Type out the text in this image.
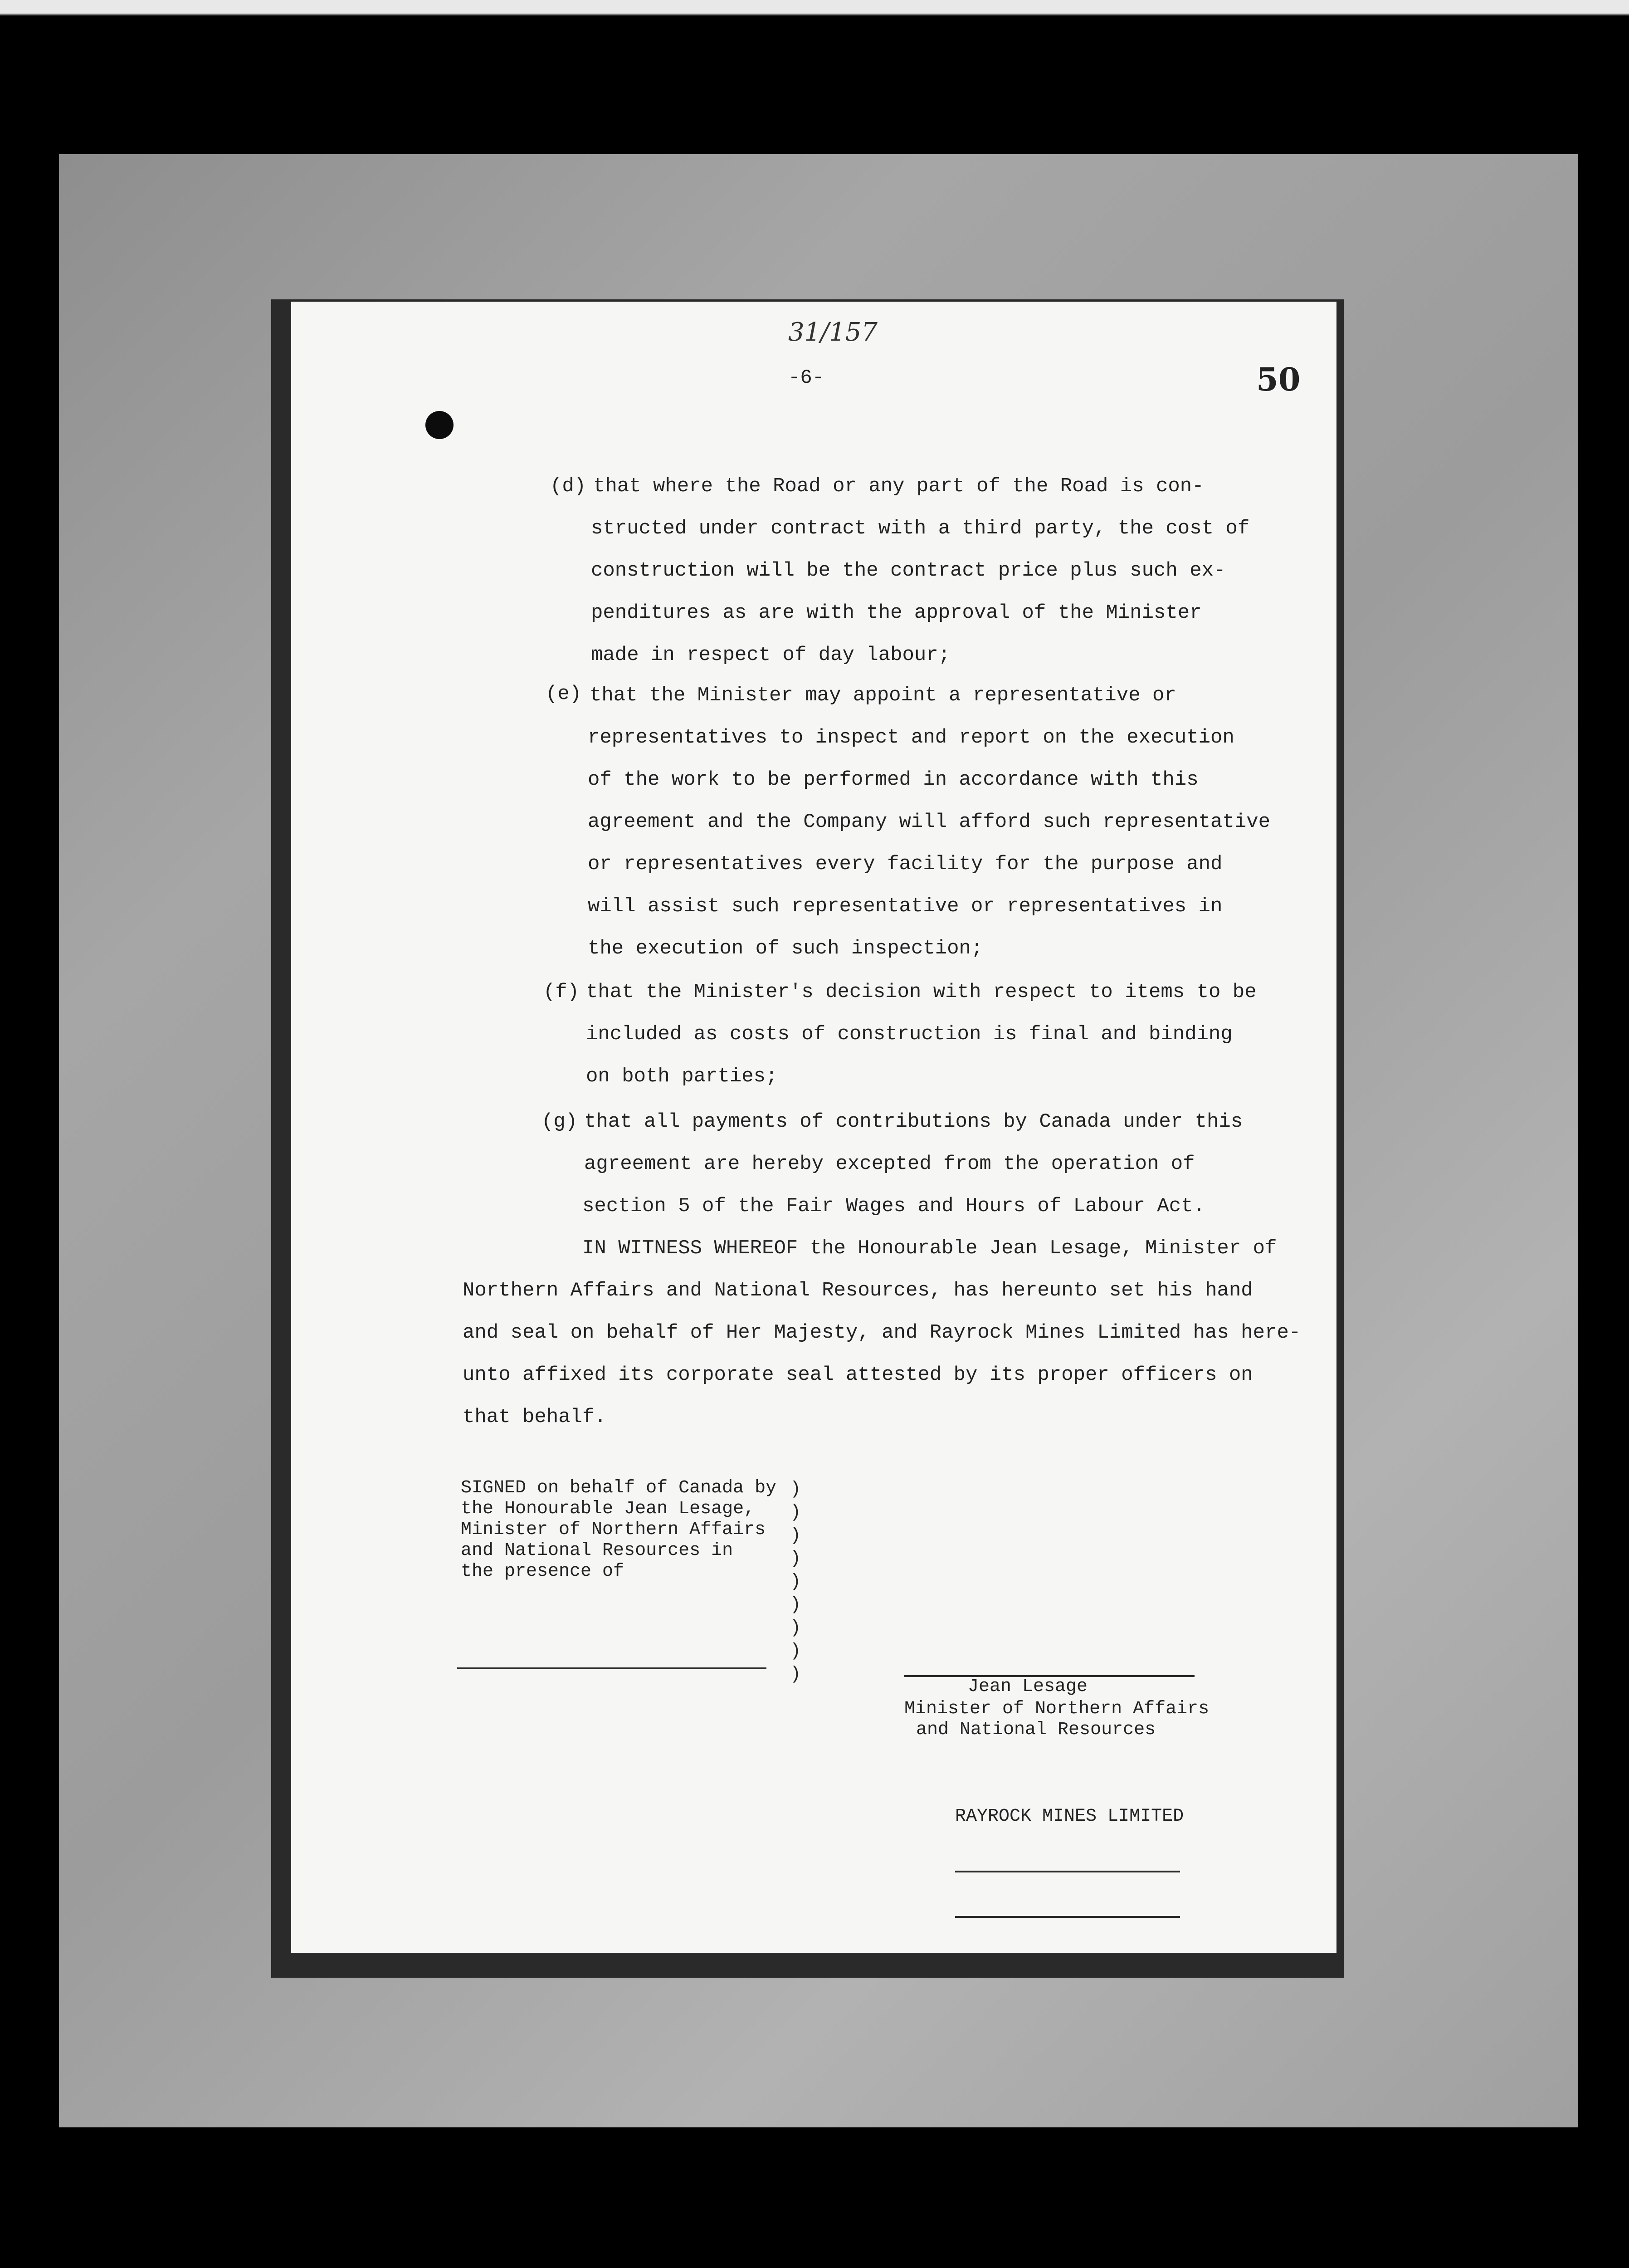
31/157
-6-	50
(d) that where the Road or any part of the Road is con-
structed under contract with a third party, the cost of
construction will be the contract price plus such ex-
penditures as are with the approval of the Minister
made in respect of day labour;
(e) that the Minister may appoint a representative or
representatives to inspect and report on the execution
of the work to be performed in accordance with this
agreement and the Company will afford such representative
or representatives every facility for the purpose and
will assist such representative or representatives in
the execution of such inspection;
(f) that the Minister's decision with respect to items to be
included as costs of construction is final and binding
on both parties;
(g) that all payments of contributions by Canada under this
agreement are hereby excepted from the operation of
section 5 of the Fair Wages and Hours of Labour Act.
IN WITNESS WHEREOF the Honourable Jean Lesage, Minister of
Northern Affairs and National Resources, has hereunto set his hand
and seal on behalf of Her Majesty, and Rayrock Mines Limited has here-
unto affixed its corporate seal attested by its proper officers on
that behalf.
SIGNED on behalf of Canada by
the Honourable Jean Lesage,
Minister of Northern Affairs
and National Resources in
the presence of
)
)
)
)
)
)
)
)
)
Jean Lesage
Minister of Northern Affairs
and National Resources
RAYROCK MINES LIMITED
